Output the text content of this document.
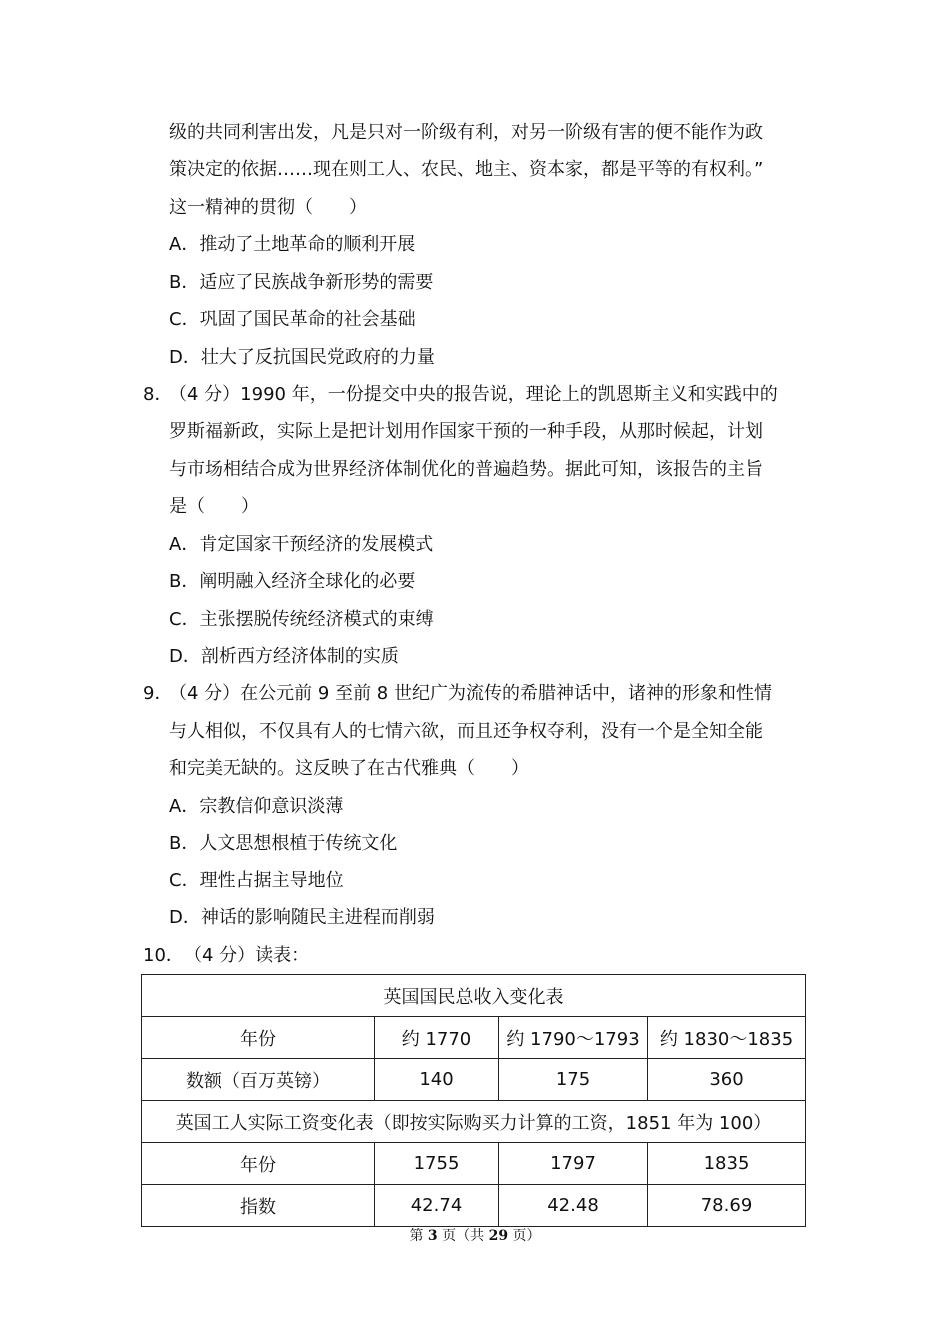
级的共同利害出发，凡是只对一阶级有利，对另一阶级有害的便不能作为政
策决定的依据……现在则工人、农民、地主、资本家，都是平等的有权利。”
这一精神的贯彻（　　）
A．推动了土地革命的顺利开展
B．适应了民族战争新形势的需要
C．巩固了国民革命的社会基础
D．壮大了反抗国民党政府的力量
8．
（4 分）1990 年，一份提交中央的报告说，理论上的凯恩斯主义和实践中的
罗斯福新政，实际上是把计划用作国家干预的一种手段，从那时候起，计划
与市场相结合成为世界经济体制优化的普遍趋势。据此可知，该报告的主旨
是（　　）
A．肯定国家干预经济的发展模式
B．阐明融入经济全球化的必要
C．主张摆脱传统经济模式的束缚
D．剖析西方经济体制的实质
9．
（4 分）在公元前 9 至前 8 世纪广为流传的希腊神话中，诸神的形象和性情
与人相似，不仅具有人的七情六欲，而且还争权夺利，没有一个是全知全能
和完美无缺的。这反映了在古代雅典（　　）
A．宗教信仰意识淡薄
B．人文思想根植于传统文化
C．理性占据主导地位
D．神话的影响随民主进程而削弱
10． （4 分）读表：
英国国民总收入变化表			
年份	约 1770	约 1790～1793	约 1830～1835
数额（百万英镑）	140	175	360
英国工人实际工资变化表（即按实际购买力计算的工资，1851 年为 100）			
年份	1755	1797	1835
指数	42.74	42.48	78.69
第 3 页（共 29 页）
